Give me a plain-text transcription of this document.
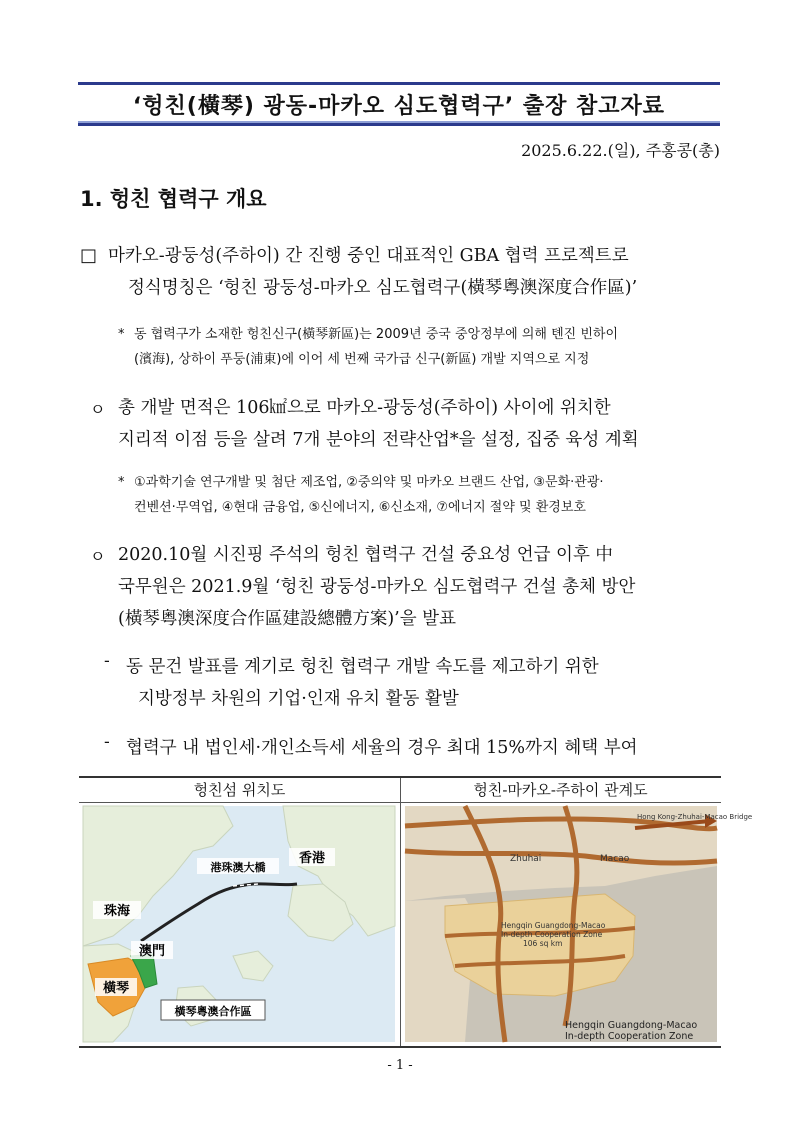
‘헝친(橫琴) 광동-마카오 심도협력구’ 출장 참고자료
2025.6.22.(일), 주홍콩(총)
1. 헝친 협력구 개요
□ 마카오-광둥성(주하이) 간 진행 중인 대표적인 GBA 협력 프로젝트로
정식명칭은 ‘헝친 광둥성-마카오 심도협력구(橫琴粵澳深度合作區)’
* 동 협력구가 소재한 헝친신구(橫琴新區)는 2009년 중국 중앙정부에 의해 톈진 빈하이
(濱海), 상하이 푸둥(浦東)에 이어 세 번째 국가급 신구(新區) 개발 지역으로 지정
ㅇ 총 개발 면적은 106㎢으로 마카오-광둥성(주하이) 사이에 위치한
지리적 이점 등을 살려 7개 분야의 전략산업*을 설정, 집중 육성 계획
* ①과학기술 연구개발 및 첨단 제조업, ②중의약 및 마카오 브랜드 산업, ③문화·관광·
컨벤션·무역업, ④현대 금융업, ⑤신에너지, ⑥신소재, ⑦에너지 절약 및 환경보호
ㅇ 2020.10월 시진핑 주석의 헝친 협력구 건설 중요성 언급 이후 中
국무원은 2021.9월 ‘헝친 광둥성-마카오 심도협력구 건설 총체 방안
(橫琴粵澳深度合作區建設總體方案)’을 발표
- 동 문건 발표를 계기로 헝친 협력구 개발 속도를 제고하기 위한
지방정부 차원의 기업·인재 유치 활동 활발
- 협력구 내 법인세·개인소득세 세율의 경우 최대 15%까지 혜택 부여
헝친섬 위치도	헝친-마카오-주하이 관계도
香港
港珠澳大橋
珠海
澳門
橫琴
橫琴粵澳合作區
Hong Kong-Zhuhai-Macao Bridge
Zhuhai	Macao
Hengqin Guangdong-Macao
In-depth Cooperation Zone
106 sq km
Hengqin Guangdong-Macao
In-depth Cooperation Zone
- 1 -
